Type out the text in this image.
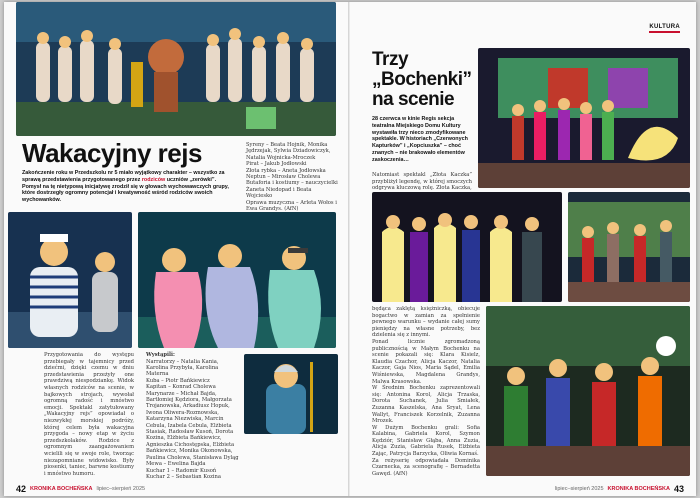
Wakacyjny rejs
Zakończenie roku w Przedszkolu nr 5 miało wyjątkowy charakter – wszystko za sprawą przedstawienia przygotowanego przez rodziców uczniów „zerówki”. Pomysł na tę nietypową inicjatywę zrodził się w głowach wychowawczych grupy, które dostrzegły ogromny potencjał i kreatywność wśród rodziców swoich wychowanków.
Syreny – Beata Hojnik, Monika Jędrzejak, Sylwia Dziadowiczyk, Natalia Wojnicka-Mroczek
Pirat – Jakub Jodłowski
Złota rybka – Aneta Jodłowska
Neptun – Mirosław Cholewa
Butaforia i kostiumy – nauczycielki Żaneta Niedopad i Beata Wojciesko
Oprawa muzyczna – Arleta Wołos i Ewa Grandys. (AfN)
Przygotowania do występu przebiegały w tajemnicy przed dziećmi, dzięki czemu w dniu przedstawienia przeżyły one prawdziwą niespodziankę. Widok własnych rodziców na scenie, w bajkowych strojach, wywołał ogromną radość i mnóstwo emocji. Spektakl zatytułowany „Wakacyjny rejs” opowiadał o niezwykłej morskiej podróży, której celem była wakacyjna przygoda – nowy etap w życiu przedszkolaków. Rodzice z ogromnym zaangażowaniem wcielili się w swoje role, tworząc niezapomniane widowisko. Były piosenki, taniec, barwne kostiumy i mnóstwo humoru.
Wystąpili:
Narratorzy – Natalia Kania, Karolina Przybyła, Karolina Materna
Kuba – Piotr Bańkiewicz
Kapitan – Konrad Cholewa
Marynarze – Michał Bajda, Bartłomiej Kędziora, Małgorzata Trojanowska, Arkadiusz Hopuk, Iwona Oliwera-Rozmowska, Katarzyna Niezwiska, Marcin Cebula, Izabela Cebula, Elżbieta Stasiak, Radosław Kusoń, Dorota Kozina, Elżbieta Bańkiewicz, Agnieszka Cichostępska, Elżbieta Bańkiewicz, Monika Okonowska, Paulina Cholewa, Stanisława Dyląg
Mewa – Ewelina Bajda
Kuchar 1 – Radomir Kusoń
Kuchar 2 – Sebastian Kozina
42 KRONIKA BOCHEŃSKA lipiec–sierpień 2025
KULTURA
Trzy
„Bochenki”
na scenie
28 czerwca w kinie Regis sekcja teatralna Miejskiego Domu Kultury wystawiła trzy nieco zmodyfikowane spektakle. W historiach „Czerwonych Kapturków” i „Kopciuszka” – choć znanych – nie brakowało elementów zaskoczenia…
Natomiast spektakl „Złota Kaczka” przybliżył legendę, w której smoczych odgrywa kluczową rolę. Złota Kaczka,
będąca zaklętą księżniczką, obiecuje bogactwo w zamian za spełnienie pewnego warunku – wydanie całej sumy pieniędzy na własne potrzeby, bez dzielenia się z innymi.
Ponad licznie zgromadzoną publicznością w Małym Bochenku na scenie pokazali się: Klara Kisielz, Klaudia Czachor, Alicja Kaczor, Natalia Kaczor, Gaja Nios, Maria Sądel, Emilia Wiśniewska, Magdalena Grandys, Malwa Krasowska.
W Średnim Bochenku zaprezentowali się: Antonina Korol, Alicja Trzaska, Dorota Suchanek, Julia Smiałek, Zuzanna Kaszelska, Ana Sryat, Lena Wallyt, Franciszek Korzelnik, Zuzanna Mrozek.
W Dużym Bochenku grali: Sofia Kalabina, Gabriela Korol, Szymon Kędziór, Stanisław Głąba, Anna Zuzia, Alicja Zuzia, Gabriela Rusek, Elżbieta Zając, Patrycja Barzycka, Oliwia Kornaś.
Za reżyserię odpowiadała Dominika Czarnecka, za scenografię – Bernadetta Gawęd. (AfN)
lipiec–sierpień 2025 KRONIKA BOCHEŃSKA 43
